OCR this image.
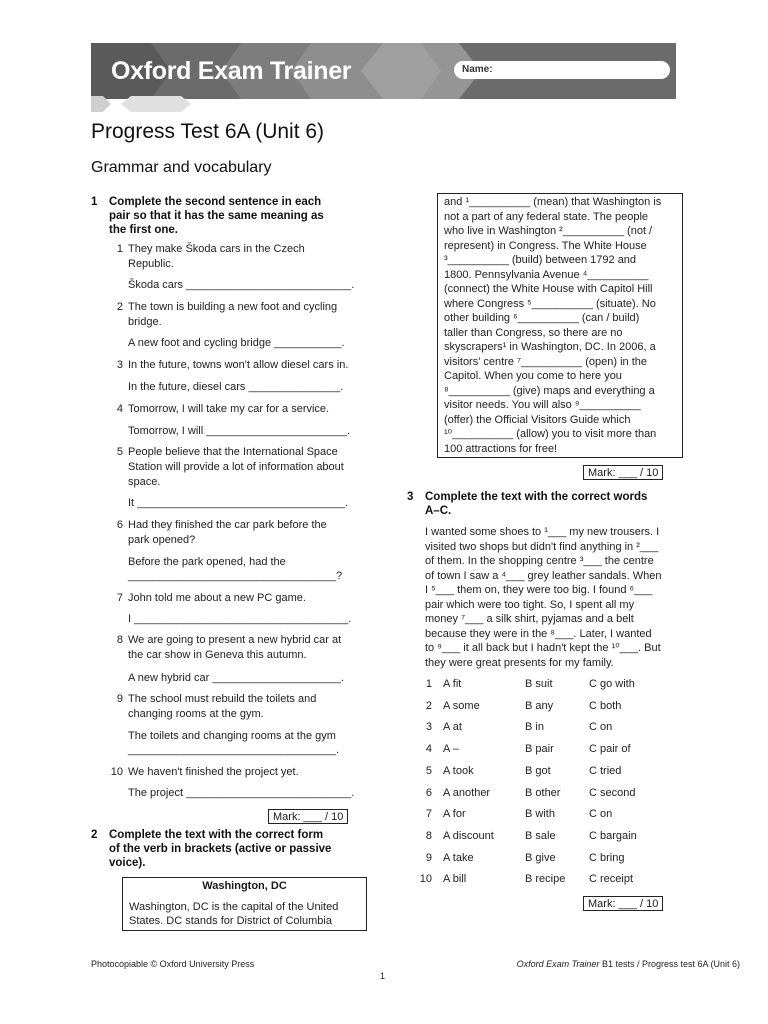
Oxford Exam Trainer	Name:
Progress Test 6A (Unit 6)
Grammar and vocabulary
1 Complete the second sentence in each
pair so that it has the same meaning as
the first one.
1 They make Škoda cars in the Czech
Republic.
Škoda cars ___________________________.
2 The town is building a new foot and cycling
bridge.
A new foot and cycling bridge ___________.
3 In the future, towns won't allow diesel cars in.
In the future, diesel cars _______________.
4 Tomorrow, I will take my car for a service.
Tomorrow, I will _______________________.
5 People believe that the International Space
Station will provide a lot of information about
space.
It __________________________________.
6 Had they finished the car park before the
park opened?
Before the park opened, had the
__________________________________?
7 John told me about a new PC game.
I ___________________________________.
8 We are going to present a new hybrid car at
the car show in Geneva this autumn.
A new hybrid car _____________________.
9 The school must rebuild the toilets and
changing rooms at the gym.
The toilets and changing rooms at the gym
__________________________________.
10 We haven't finished the project yet.
The project ___________________________.
Mark: ___ / 10
2 Complete the text with the correct form
of the verb in brackets (active or passive
voice).
Washington, DC
Washington, DC is the capital of the United
States. DC stands for District of Columbia
and ¹__________ (mean) that Washington is
not a part of any federal state. The people
who live in Washington ²__________ (not /
represent) in Congress. The White House
³__________ (build) between 1792 and
1800. Pennsylvania Avenue ⁴__________
(connect) the White House with Capitol Hill
where Congress ⁵__________ (situate). No
other building ⁶__________ (can / build)
taller than Congress, so there are no
skyscrapers¹ in Washington, DC. In 2006, a
visitors' centre ⁷__________ (open) in the
Capitol. When you come to here you
⁸__________ (give) maps and everything a
visitor needs. You will also ⁹__________
(offer) the Official Visitors Guide which
¹⁰__________ (allow) you to visit more than
100 attractions for free!
Mark: ___ / 10
3 Complete the text with the correct words
A–C.
I wanted some shoes to ¹___ my new trousers. I
visited two shops but didn't find anything in ²___
of them. In the shopping centre ³___ the centre
of town I saw a ⁴___ grey leather sandals. When
I ⁵___ them on, they were too big. I found ⁶___
pair which were too tight. So, I spent all my
money ⁷___ a silk shirt, pyjamas and a belt
because they were in the ⁸___. Later, I wanted
to ⁹___ it all back but I hadn't kept the ¹⁰___. But
they were great presents for my family.
1 A fit	B suit	C go with
2 A some	B any	C both
3 A at	B in	C on
4 A –	B pair	C pair of
5 A took	B got	C tried
6 A another	B other	C second
7 A for	B with	C on
8 A discount	B sale	C bargain
9 A take	B give	C bring
10 A bill	B recipe C receipt
Mark: ___ / 10
Photocopiable © Oxford University Press	Oxford Exam Trainer B1 tests / Progress test 6A (Unit 6)
1
